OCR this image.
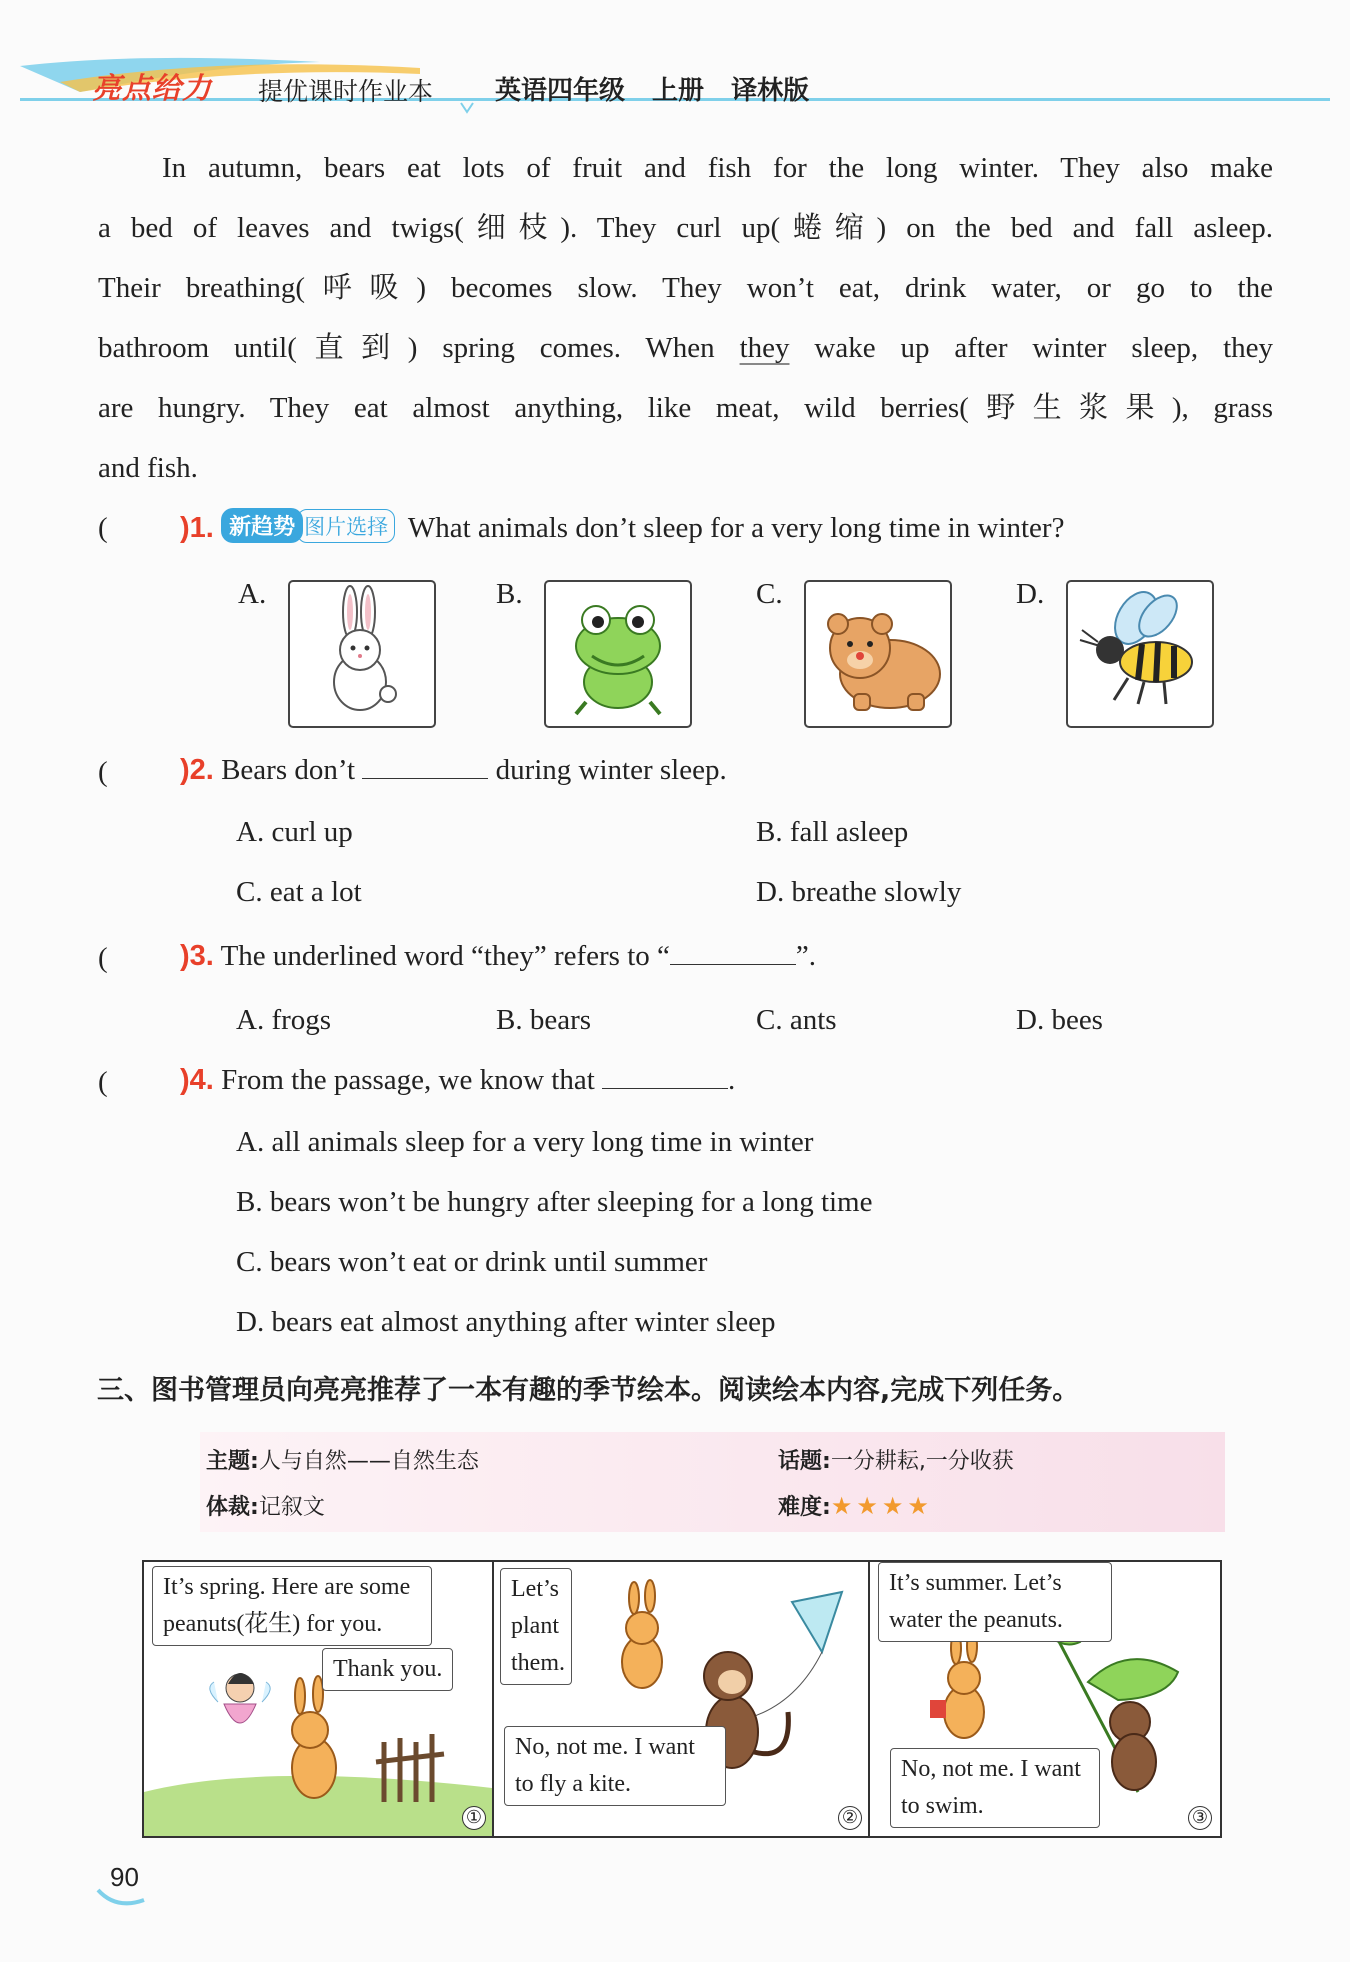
亮点给力 提优课时作业本 英语四年级 上册 译林版
In autumn, bears eat lots of fruit and fish for the long winter. They also make
a bed of leaves and twigs(细枝). They curl up(蜷缩) on the bed and fall asleep.
Their breathing(呼吸) becomes slow. They won’t eat, drink water, or go to the
bathroom until(直到) spring comes. When they wake up after winter sleep, they
are hungry. They eat almost anything, like meat, wild berries(野生浆果), grass
and fish.
( )1. 新趋势 图片选择 What animals don’t sleep for a very long time in winter?
A.	B.	C.	D.
( )2. Bears don’t	during winter sleep.
A. curl up	B. fall asleep
C. eat a lot	D. breathe slowly
( )3. The underlined word “they” refers to “	”.
A. frogs	B. bears	C. ants	D. bees
( )4. From the passage, we know that	.
A. all animals sleep for a very long time in winter
B. bears won’t be hungry after sleeping for a long time
C. bears won’t eat or drink until summer
D. bears eat almost anything after winter sleep
三、图书管理员向亮亮推荐了一本有趣的季节绘本。阅读绘本内容,完成下列任务。
主题:人与自然——自然生态	话题:一分耕耘,一分收获
体裁:记叙文	难度:★★★★
It’s spring. Here are some peanuts(花生) for you.
Thank you.
①
Let’s plant them.
No, not me. I want to fly a kite.
②
It’s summer. Let’s water the peanuts.
No, not me. I want to swim.	③
90
